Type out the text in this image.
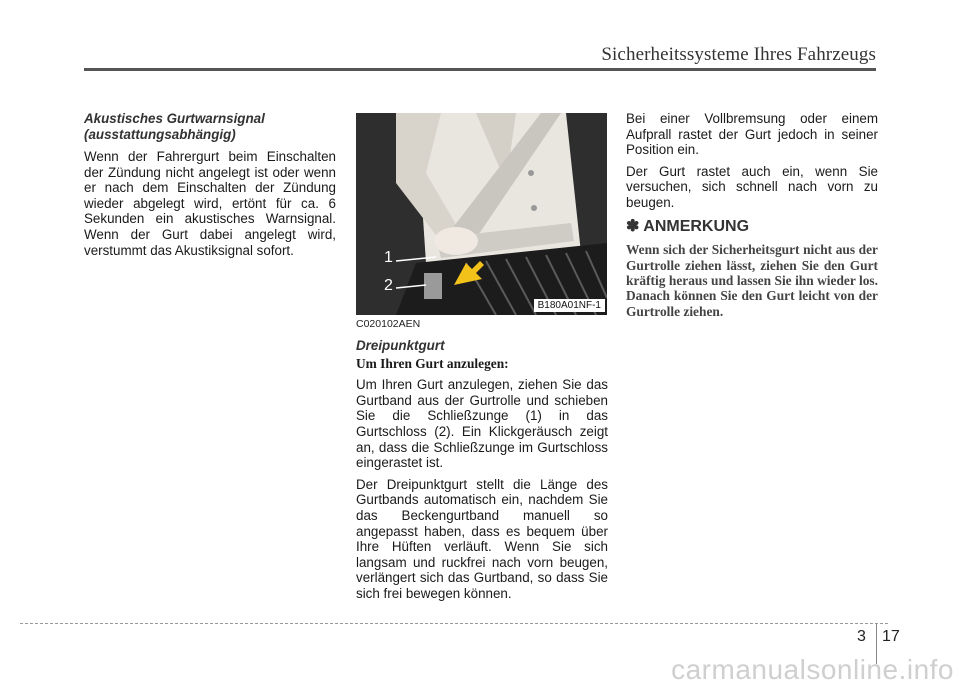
Sicherheitssysteme Ihres Fahrzeugs
Akustisches Gurtwarnsignal
(ausstattungsabhängig)

Wenn der Fahrergurt beim Einschalten der Zündung nicht angelegt ist oder wenn er nach dem Einschalten der Zündung wieder abgelegt wird, ertönt für ca. 6 Sekunden ein akustisches Warnsignal. Wenn der Gurt dabei angelegt wird, verstummt das Akustiksignal sofort.	1
2
B180A01NF-1
C020102AEN
Dreipunktgurt
Um Ihren Gurt anzulegen:

Um Ihren Gurt anzulegen, ziehen Sie das Gurtband aus der Gurtrolle und schieben Sie die Schließzunge (1) in das Gurtschloss (2). Ein Klickgeräusch zeigt an, dass die Schließzunge im Gurtschloss eingerastet ist.

Der Dreipunktgurt stellt die Länge des Gurtbands automatisch ein, nachdem Sie das Beckengurtband manuell so angepasst haben, dass es bequem über Ihre Hüften verläuft. Wenn Sie sich langsam und ruckfrei nach vorn beugen, verlängert sich das Gurtband, so dass Sie sich frei bewegen können.

Bei einer Vollbremsung oder einem Aufprall rastet der Gurt jedoch in seiner Position ein.

Der Gurt rastet auch ein, wenn Sie versuchen, sich schnell nach vorn zu beugen.

✽ ANMERKUNG
Wenn sich der Sicherheitsgurt nicht aus der Gurtrolle ziehen lässt, ziehen Sie den Gurt kräftig heraus und lassen Sie ihn wieder los. Danach können Sie den Gurt leicht von der Gurtrolle ziehen.
3 17
carmanualsonline.info
